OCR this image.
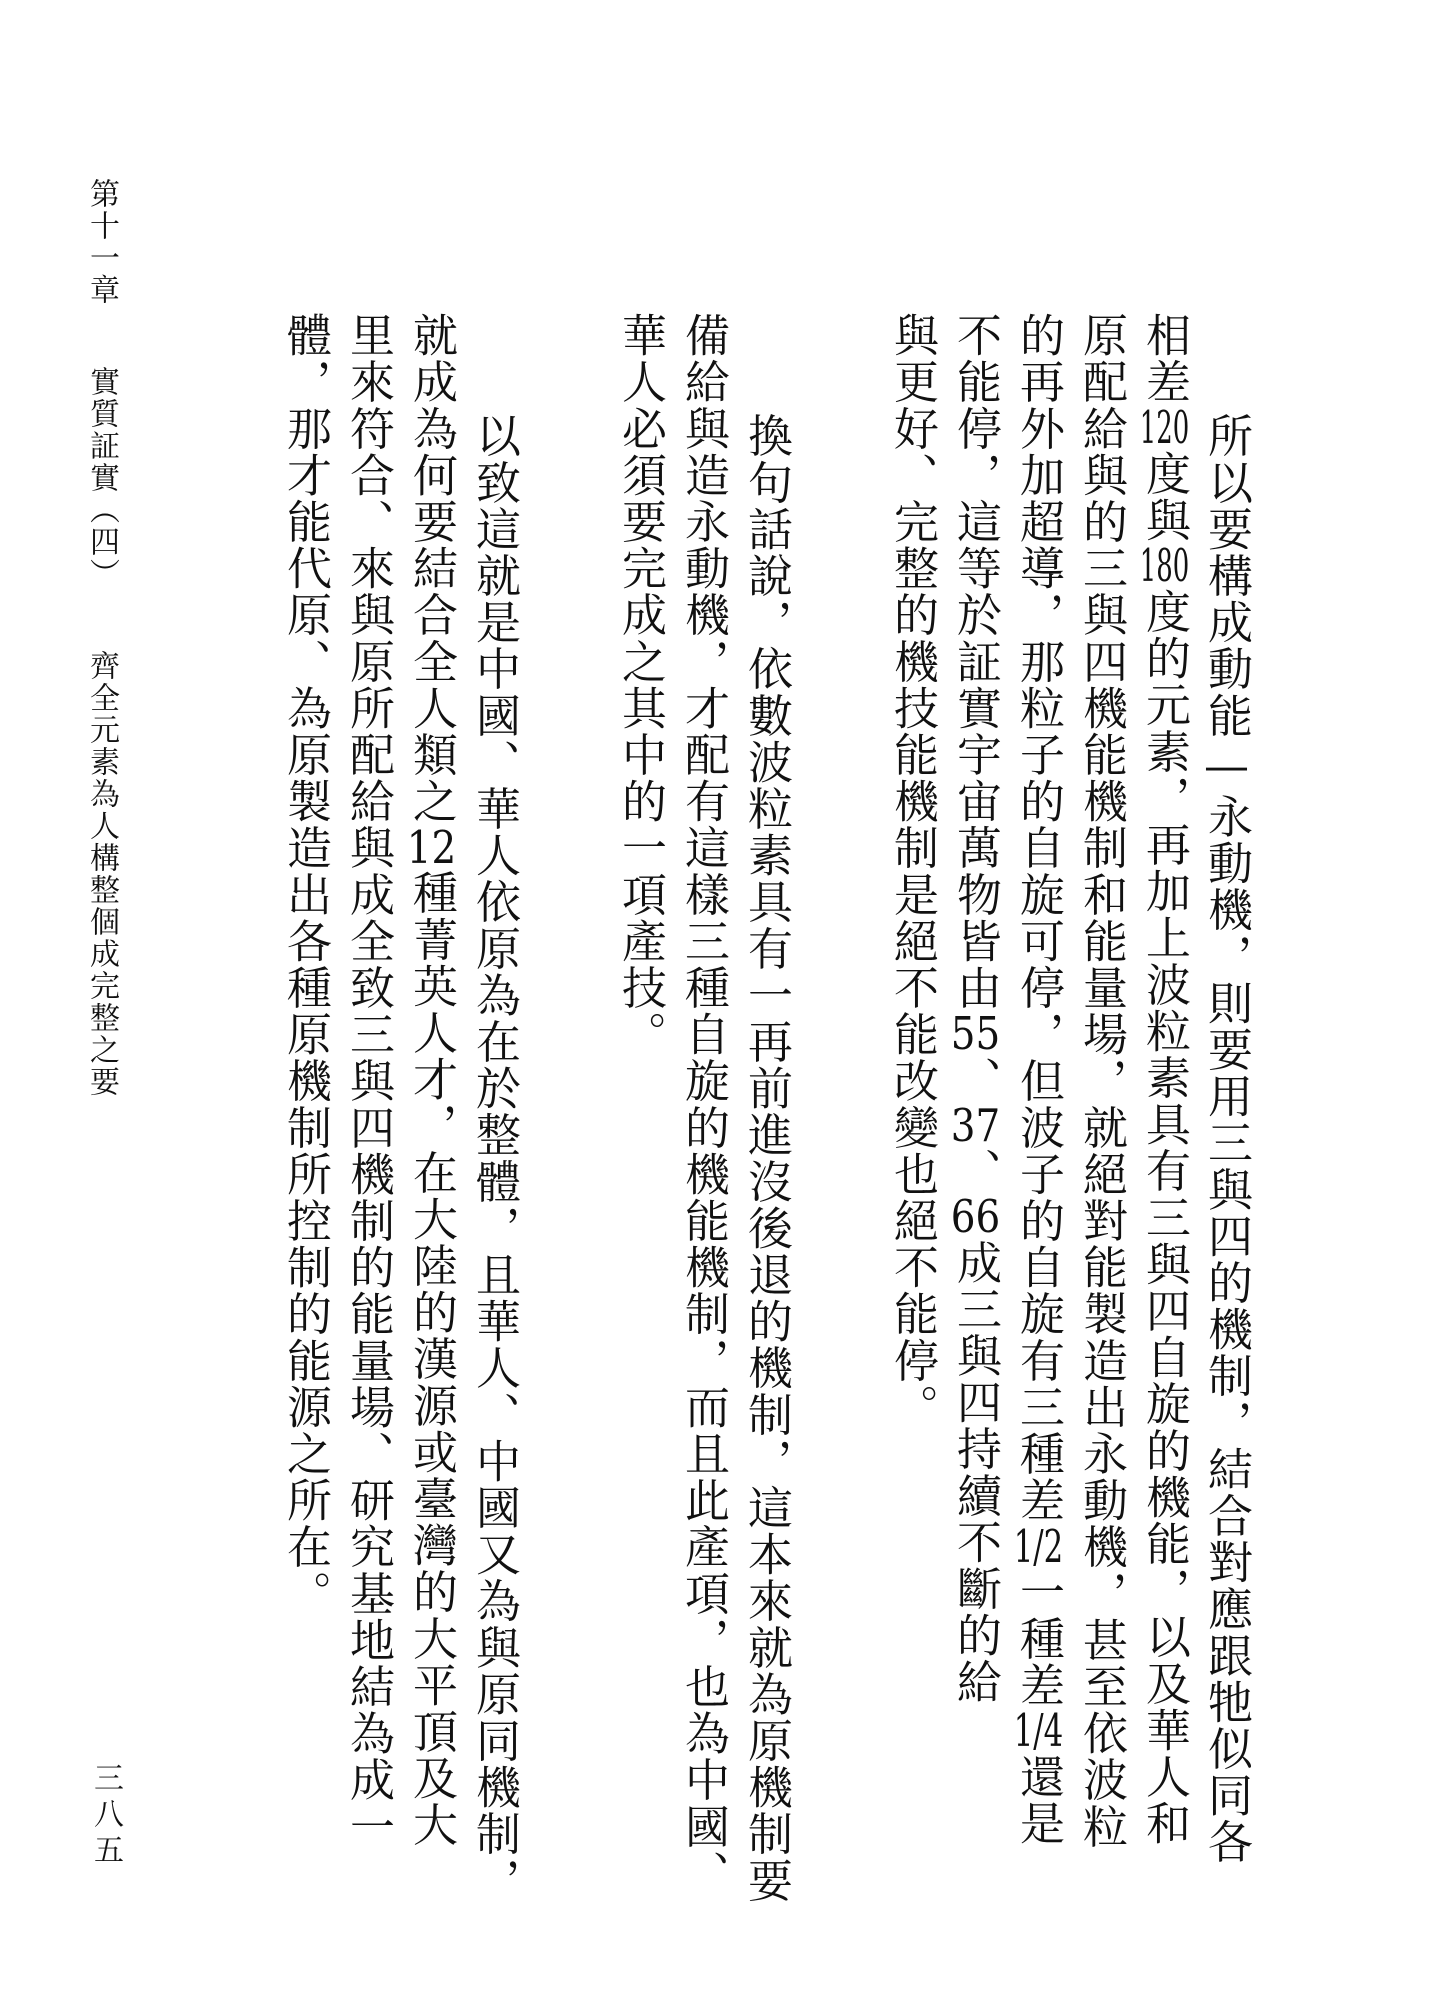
第十一章實質証實（四）齊全元素為人構整個成完整之要	　所以要構成動能—永動機，則要用三與四的機制，結合對應跟牠似同各
相差120度與180度的元素，再加上波粒素具有三與四自旋的機能，以及華人和
原配給與的三與四機能機制和能量場，就絕對能製造出永動機，甚至依波粒
的再外加超導，那粒子的自旋可停，但波子的自旋有三種差1/2一種差1/4還是
不能停，這等於証實宇宙萬物皆由55、37、66成三與四持續不斷的給
與更好、完整的機技能機制是絕不能改變也絕不能停。
　換句話說，依數波粒素具有一再前進沒後退的機制，這本來就為原機制要
備給與造永動機，才配有這樣三種自旋的機能機制，而且此產項，也為中國、
華人必須要完成之其中的一項產技。
　以致這就是中國、華人依原為在於整體，且華人、中國又為與原同機制，
就成為何要結合全人類之12種菁英人才，在大陸的漢源或臺灣的大平頂及大
里來符合、來與原所配給與成全致三與四機制的能量場、研究基地結為成一
體，那才能代原、為原製造出各種原機制所控制的能源之所在。
三八五
